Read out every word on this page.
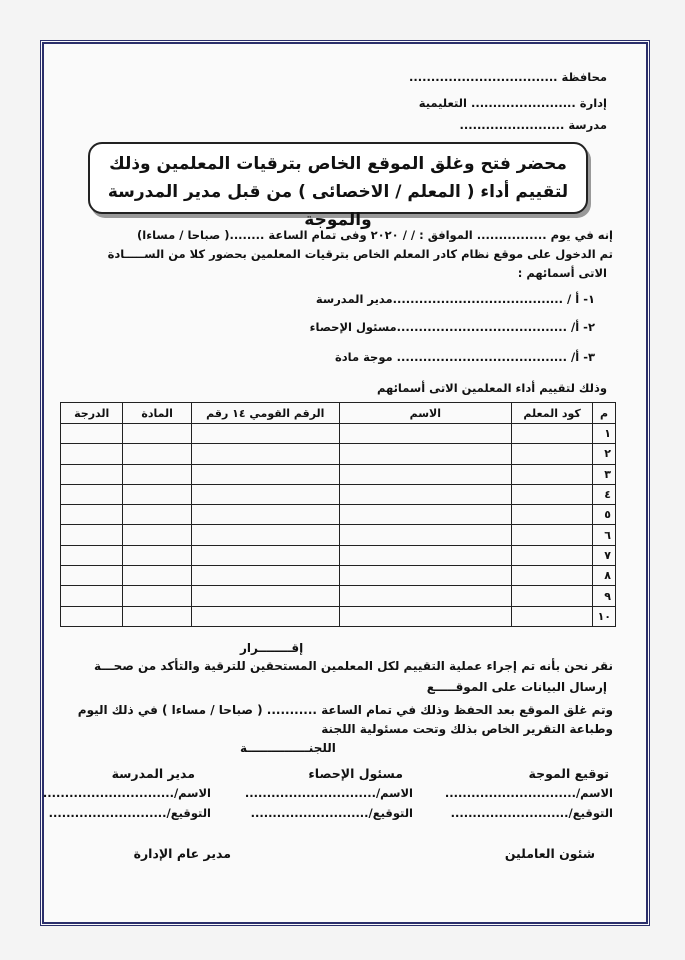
محافظة ..................................
إدارة ........................ التعليمية
مدرسة ........................
محضر فتح وغلق الموقع الخاص بترقيات المعلمين وذلك
لتقييم أداء ( المعلم / الاخصائى ) من قبل مدير المدرسة والموجة
إنه في يوم ................ الموافق : / / ٢٠٢٠ وفى تمام الساعة ........( صباحا / مساءا)
تم الدخول على موقع نظام كادر المعلم الخاص بترقيات المعلمين بحضور كلا من الســـــادة
الاتى أسمائهم :
١- أ / .......................................مدير المدرسة
٢- أ/ .......................................مسئول الإحصاء
٣- أ/ ....................................... موجة مادة
وذلك لتقييم أداء المعلمين الاتى أسمائهم
م	كود المعلم	الاسم	الرقم القومي ١٤ رقم	المادة	الدرجة
١					
٢					
٣					
٤					
٥					
٦					
٧					
٨					
٩					
١٠					
إقــــــــرار
نقر نحن بأنه تم إجراء عملية التقييم لكل المعلمين المستحقين للترقية والتأكد من صحـــة
إرسال البيانات على الموقـــــع
وتم غلق الموقع بعد الحفظ وذلك في تمام الساعة ........... ( صباحا / مساءا ) في ذلك اليوم
وطباعة التقرير الخاص بذلك وتحت مسئولية اللجنة
اللجنـــــــــــــــة
توقيع الموجة
الاسم/..............................
التوقيع/...........................
مسئول الإحصاء
الاسم/..............................
التوقيع/...........................
مدير المدرسة
الاسم/..............................
التوقيع/...........................
شئون العاملين
مدير عام الإدارة
